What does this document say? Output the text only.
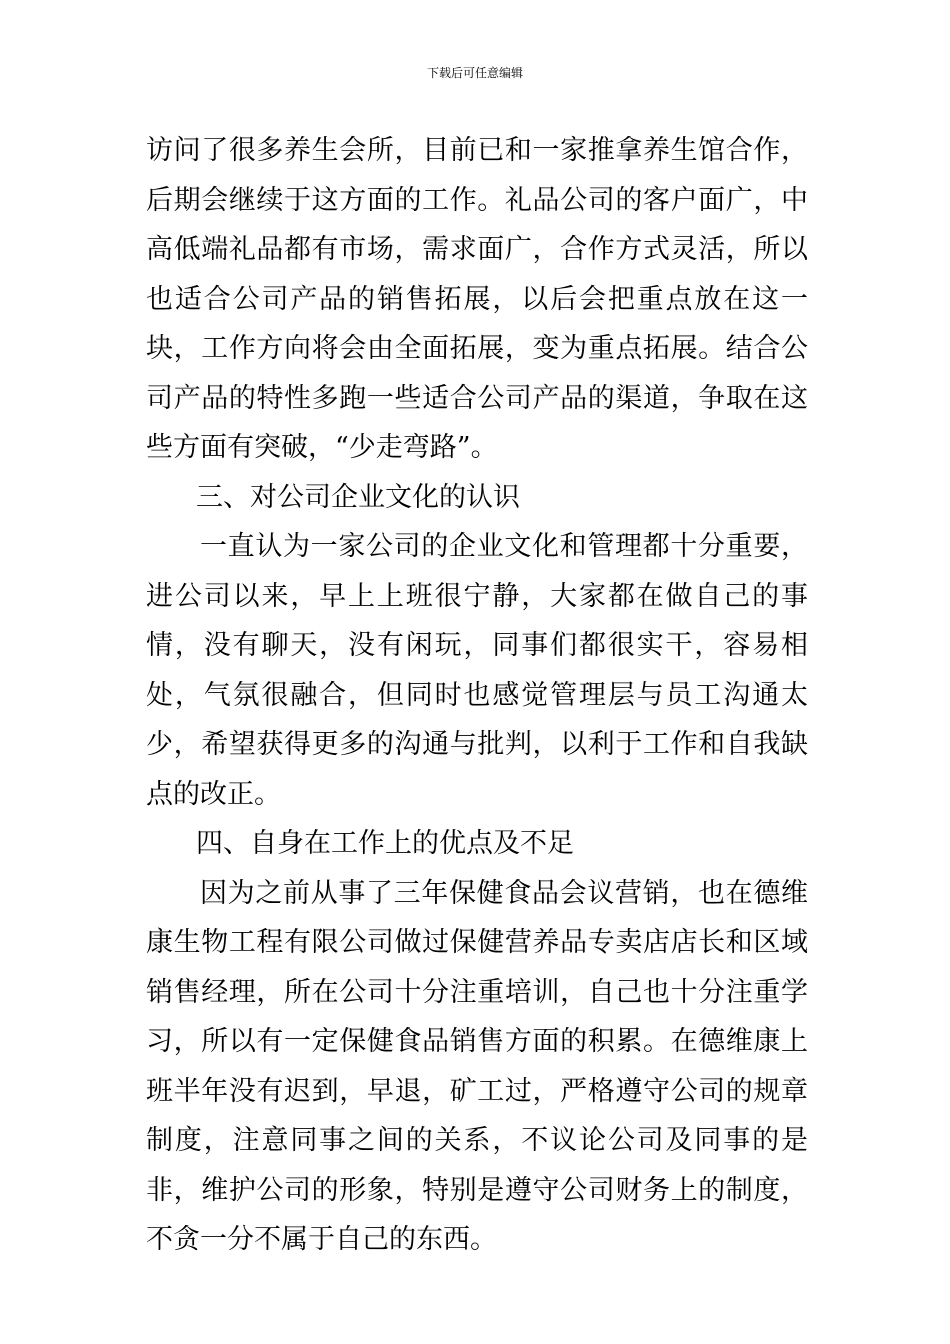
下载后可任意编辑

访问了很多养生会所，目前已和一家推拿养生馆合作，后期会继续于这方面的工作。礼品公司的客户面广，中高低端礼品都有市场，需求面广，合作方式灵活，所以也适合公司产品的销售拓展，以后会把重点放在这一块，工作方向将会由全面拓展，变为重点拓展。结合公司产品的特性多跑一些适合公司产品的渠道，争取在这些方面有突破，“少走弯路”。

三、对公司企业文化的认识

一直认为一家公司的企业文化和管理都十分重要，进公司以来，早上上班很宁静，大家都在做自己的事情，没有聊天，没有闲玩，同事们都很实干，容易相处，气氛很融合，但同时也感觉管理层与员工沟通太少，希望获得更多的沟通与批判，以利于工作和自我缺点的改正。

四、自身在工作上的优点及不足

因为之前从事了三年保健食品会议营销，也在德维康生物工程有限公司做过保健营养品专卖店店长和区域销售经理，所在公司十分注重培训，自己也十分注重学习，所以有一定保健食品销售方面的积累。在德维康上班半年没有迟到，早退，矿工过，严格遵守公司的规章制度，注意同事之间的关系，不议论公司及同事的是非，维护公司的形象，特别是遵守公司财务上的制度，不贪一分不属于自己的东西。
